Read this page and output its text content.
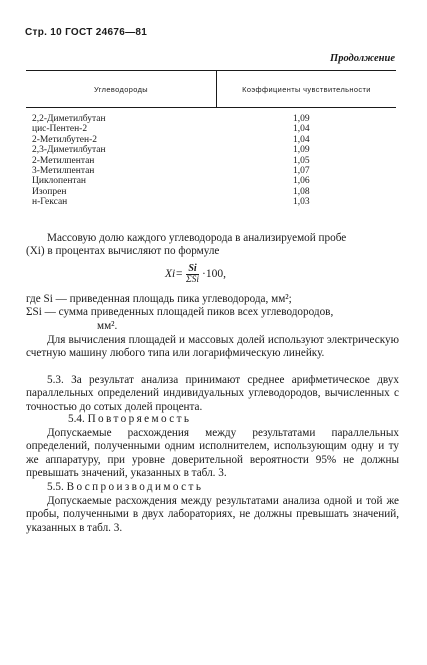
Стр. 10 ГОСТ 24676—81
Продолжение
Углеводороды	Коэффициенты чувствительности
2,2-Диметилбутан	1,09
цис-Пентен-2	1,04
2-Метилбутен-2	1,04
2,3-Диметилбутан	1,09
2-Метилпентан	1,05
3-Метилпентан	1,07
Циклопентан	1,06
Изопрен	1,08
н-Гексан	1,03
Массовую долю каждого углеводорода в анализируемой пробе
(Xi) в процентах вычисляют по формуле
$Xi= \frac{Si}{\text{ΣSi}} \cdot 100$,
где Si — приведенная площадь пика углеводорода, мм²;
ΣSi — сумма приведенных площадей пиков всех углеводородов,
мм².
Для вычисления площадей и массовых долей используют электрическую счетную машину любого типа или логарифмическую линейку.
5.3. За результат анализа принимают среднее арифметическое двух параллельных определений индивидуальных углеводородов, вычисленных с точностью до сотых долей процента.
5.4. Повторяемость
Допускаемые расхождения между результатами параллельных определений, полученными одним исполнителем, использующим одну и ту же аппаратуру, при уровне доверительной вероятности 95% не должны превышать значений, указанных в табл. 3.
5.5. Воспроизводимость
Допускаемые расхождения между результатами анализа одной и той же пробы, полученными в двух лабораториях, не должны превышать значений, указанных в табл. 3.
